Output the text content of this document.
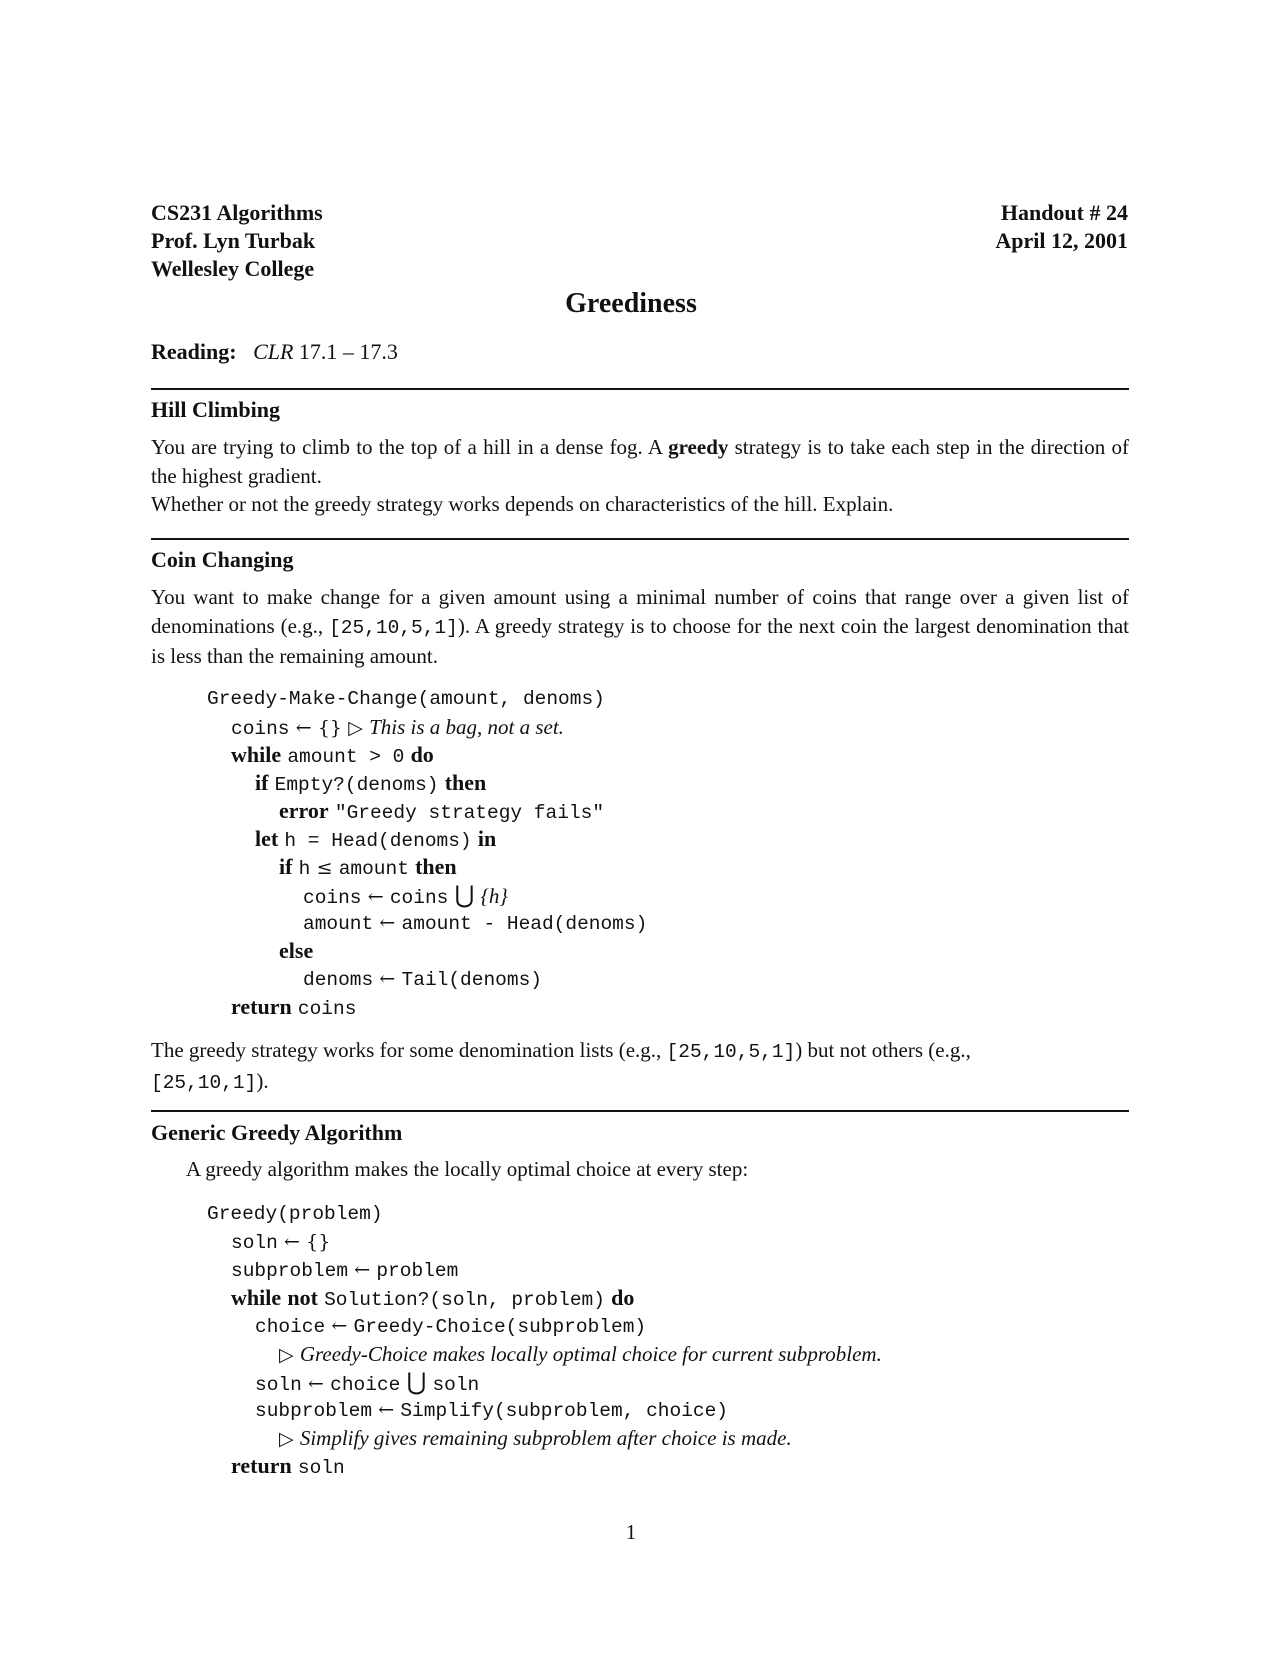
CS231 Algorithms
Prof. Lyn Turbak
Wellesley College
Handout # 24
April 12, 2001
Greediness
Reading: CLR 17.1 – 17.3
Hill Climbing
You are trying to climb to the top of a hill in a dense fog. A greedy strategy is to take each step in the direction of the highest gradient.
Whether or not the greedy strategy works depends on characteristics of the hill. Explain.
Coin Changing
You want to make change for a given amount using a minimal number of coins that range over a given list of denominations (e.g., [25,10,5,1]). A greedy strategy is to choose for the next coin the largest denomination that is less than the remaining amount.

Greedy-Make-Change(amount, denoms)

coins ← {} ▷ This is a bag, not a set.

while amount > 0 do

if Empty?(denoms) then

error "Greedy strategy fails"

let h = Head(denoms) in

if h ≤ amount then

coins ← coins ⋃ {h}

amount ← amount - Head(denoms)

else

denoms ← Tail(denoms)

return coins

The greedy strategy works for some denomination lists (e.g., [25,10,5,1]) but not others (e.g.,
[25,10,1]).
Generic Greedy Algorithm
A greedy algorithm makes the locally optimal choice at every step:

Greedy(problem)

soln ← {}

subproblem ← problem

while not Solution?(soln, problem) do

choice ← Greedy-Choice(subproblem)

▷ Greedy-Choice makes locally optimal choice for current subproblem.

soln ← choice ⋃ soln

subproblem ← Simplify(subproblem, choice)

▷ Simplify gives remaining subproblem after choice is made.

return soln

1
